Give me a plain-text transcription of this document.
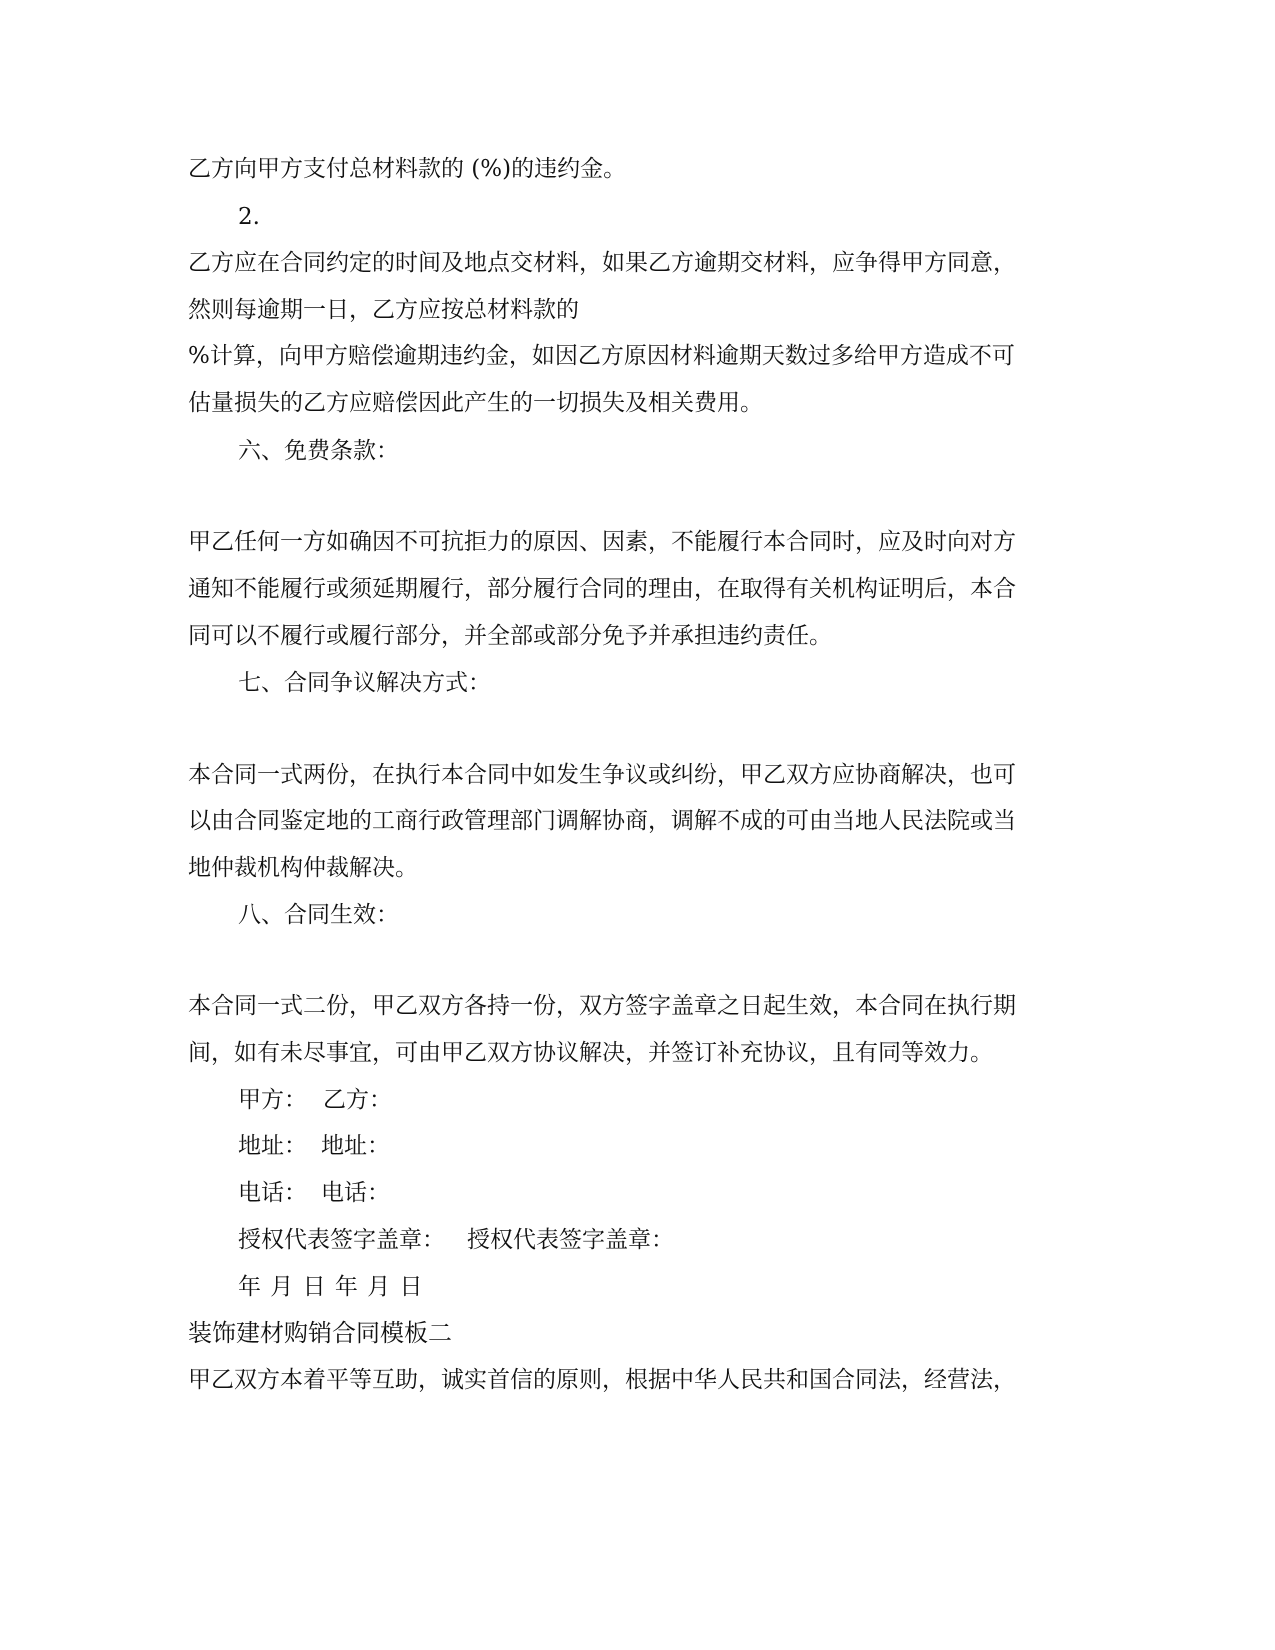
乙方向甲方支付总材料款的 (%)的违约金。
2.
乙方应在合同约定的时间及地点交材料，如果乙方逾期交材料，应争得甲方同意，
然则每逾期一日，乙方应按总材料款的
%计算，向甲方赔偿逾期违约金，如因乙方原因材料逾期天数过多给甲方造成不可
估量损失的乙方应赔偿因此产生的一切损失及相关费用。
六、免费条款：
甲乙任何一方如确因不可抗拒力的原因、因素，不能履行本合同时，应及时向对方
通知不能履行或须延期履行，部分履行合同的理由，在取得有关机构证明后，本合
同可以不履行或履行部分，并全部或部分免予并承担违约责任。
七、合同争议解决方式：
本合同一式两份，在执行本合同中如发生争议或纠纷，甲乙双方应协商解决，也可
以由合同鉴定地的工商行政管理部门调解协商，调解不成的可由当地人民法院或当
地仲裁机构仲裁解决。
八、合同生效：
本合同一式二份，甲乙双方各持一份，双方签字盖章之日起生效，本合同在执行期
间，如有未尽事宜，可由甲乙双方协议解决，并签订补充协议，且有同等效力。
甲方： 乙方：
地址： 地址：
电话： 电话：
授权代表签字盖章： 授权代表签字盖章：
年 月 日 年 月 日
装饰建材购销合同模板二
甲乙双方本着平等互助，诚实首信的原则，根据中华人民共和国合同法，经营法，
